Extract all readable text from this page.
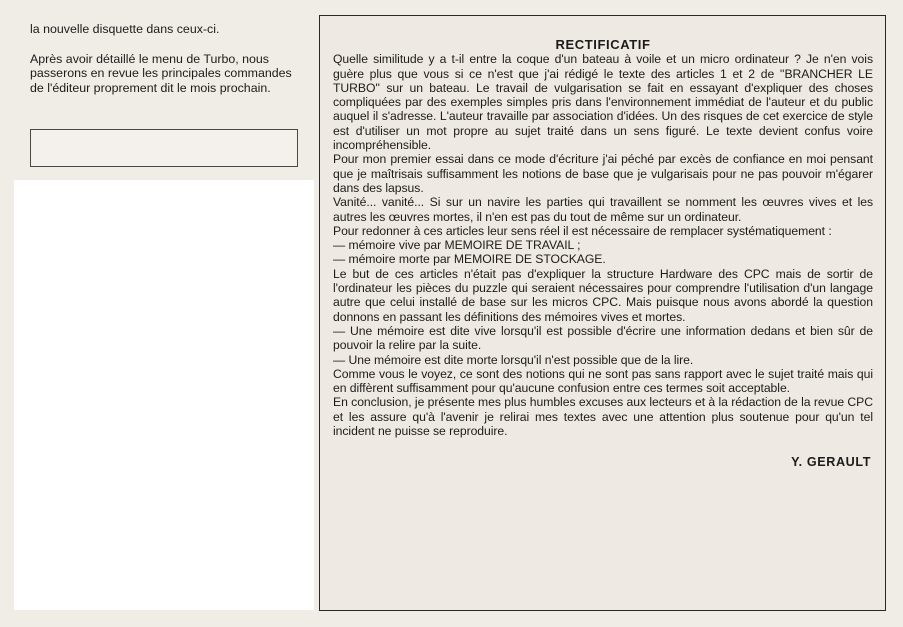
la nouvelle disquette dans ceux-ci.

Après avoir détaillé le menu de Turbo, nous passerons en revue les principales commandes de l'éditeur proprement dit le mois prochain.

RECTIFICATIF

Quelle similitude y a t-il entre la coque d'un bateau à voile et un micro ordinateur ? Je n'en vois guère plus que vous si ce n'est que j'ai rédigé le texte des articles 1 et 2 de ''BRANCHER LE TURBO'' sur un bateau. Le travail de vulgarisation se fait en essayant d'expliquer des choses compliquées par des exemples simples pris dans l'environnement immédiat de l'auteur et du public auquel il s'adresse. L'auteur travaille par association d'idées. Un des risques de cet exercice de style est d'utiliser un mot propre au sujet traité dans un sens figuré. Le texte devient confus voire incompréhensible.

Pour mon premier essai dans ce mode d'écriture j'ai péché par excès de confiance en moi pensant que je maîtrisais suffisamment les notions de base que je vulgarisais pour ne pas pouvoir m'égarer dans des lapsus.

Vanité... vanité... Si sur un navire les parties qui travaillent se nomment les œuvres vives et les autres les œuvres mortes, il n'en est pas du tout de même sur un ordinateur.

Pour redonner à ces articles leur sens réel il est nécessaire de remplacer systématiquement :

— mémoire vive par MEMOIRE DE TRAVAIL ;

— mémoire morte par MEMOIRE DE STOCKAGE.

Le but de ces articles n'était pas d'expliquer la structure Hardware des CPC mais de sortir de l'ordinateur les pièces du puzzle qui seraient nécessaires pour comprendre l'utilisation d'un langage autre que celui installé de base sur les micros CPC. Mais puisque nous avons abordé la question donnons en passant les définitions des mémoires vives et mortes.

— Une mémoire est dite vive lorsqu'il est possible d'écrire une information dedans et bien sûr de pouvoir la relire par la suite.

— Une mémoire est dite morte lorsqu'il n'est possible que de la lire.

Comme vous le voyez, ce sont des notions qui ne sont pas sans rapport avec le sujet traité mais qui en diffèrent suffisamment pour qu'aucune confusion entre ces termes soit acceptable.

En conclusion, je présente mes plus humbles excuses aux lecteurs et à la rédaction de la revue CPC et les assure qu'à l'avenir je relirai mes textes avec une attention plus soutenue pour qu'un tel incident ne puisse se reproduire.

Y. GERAULT
